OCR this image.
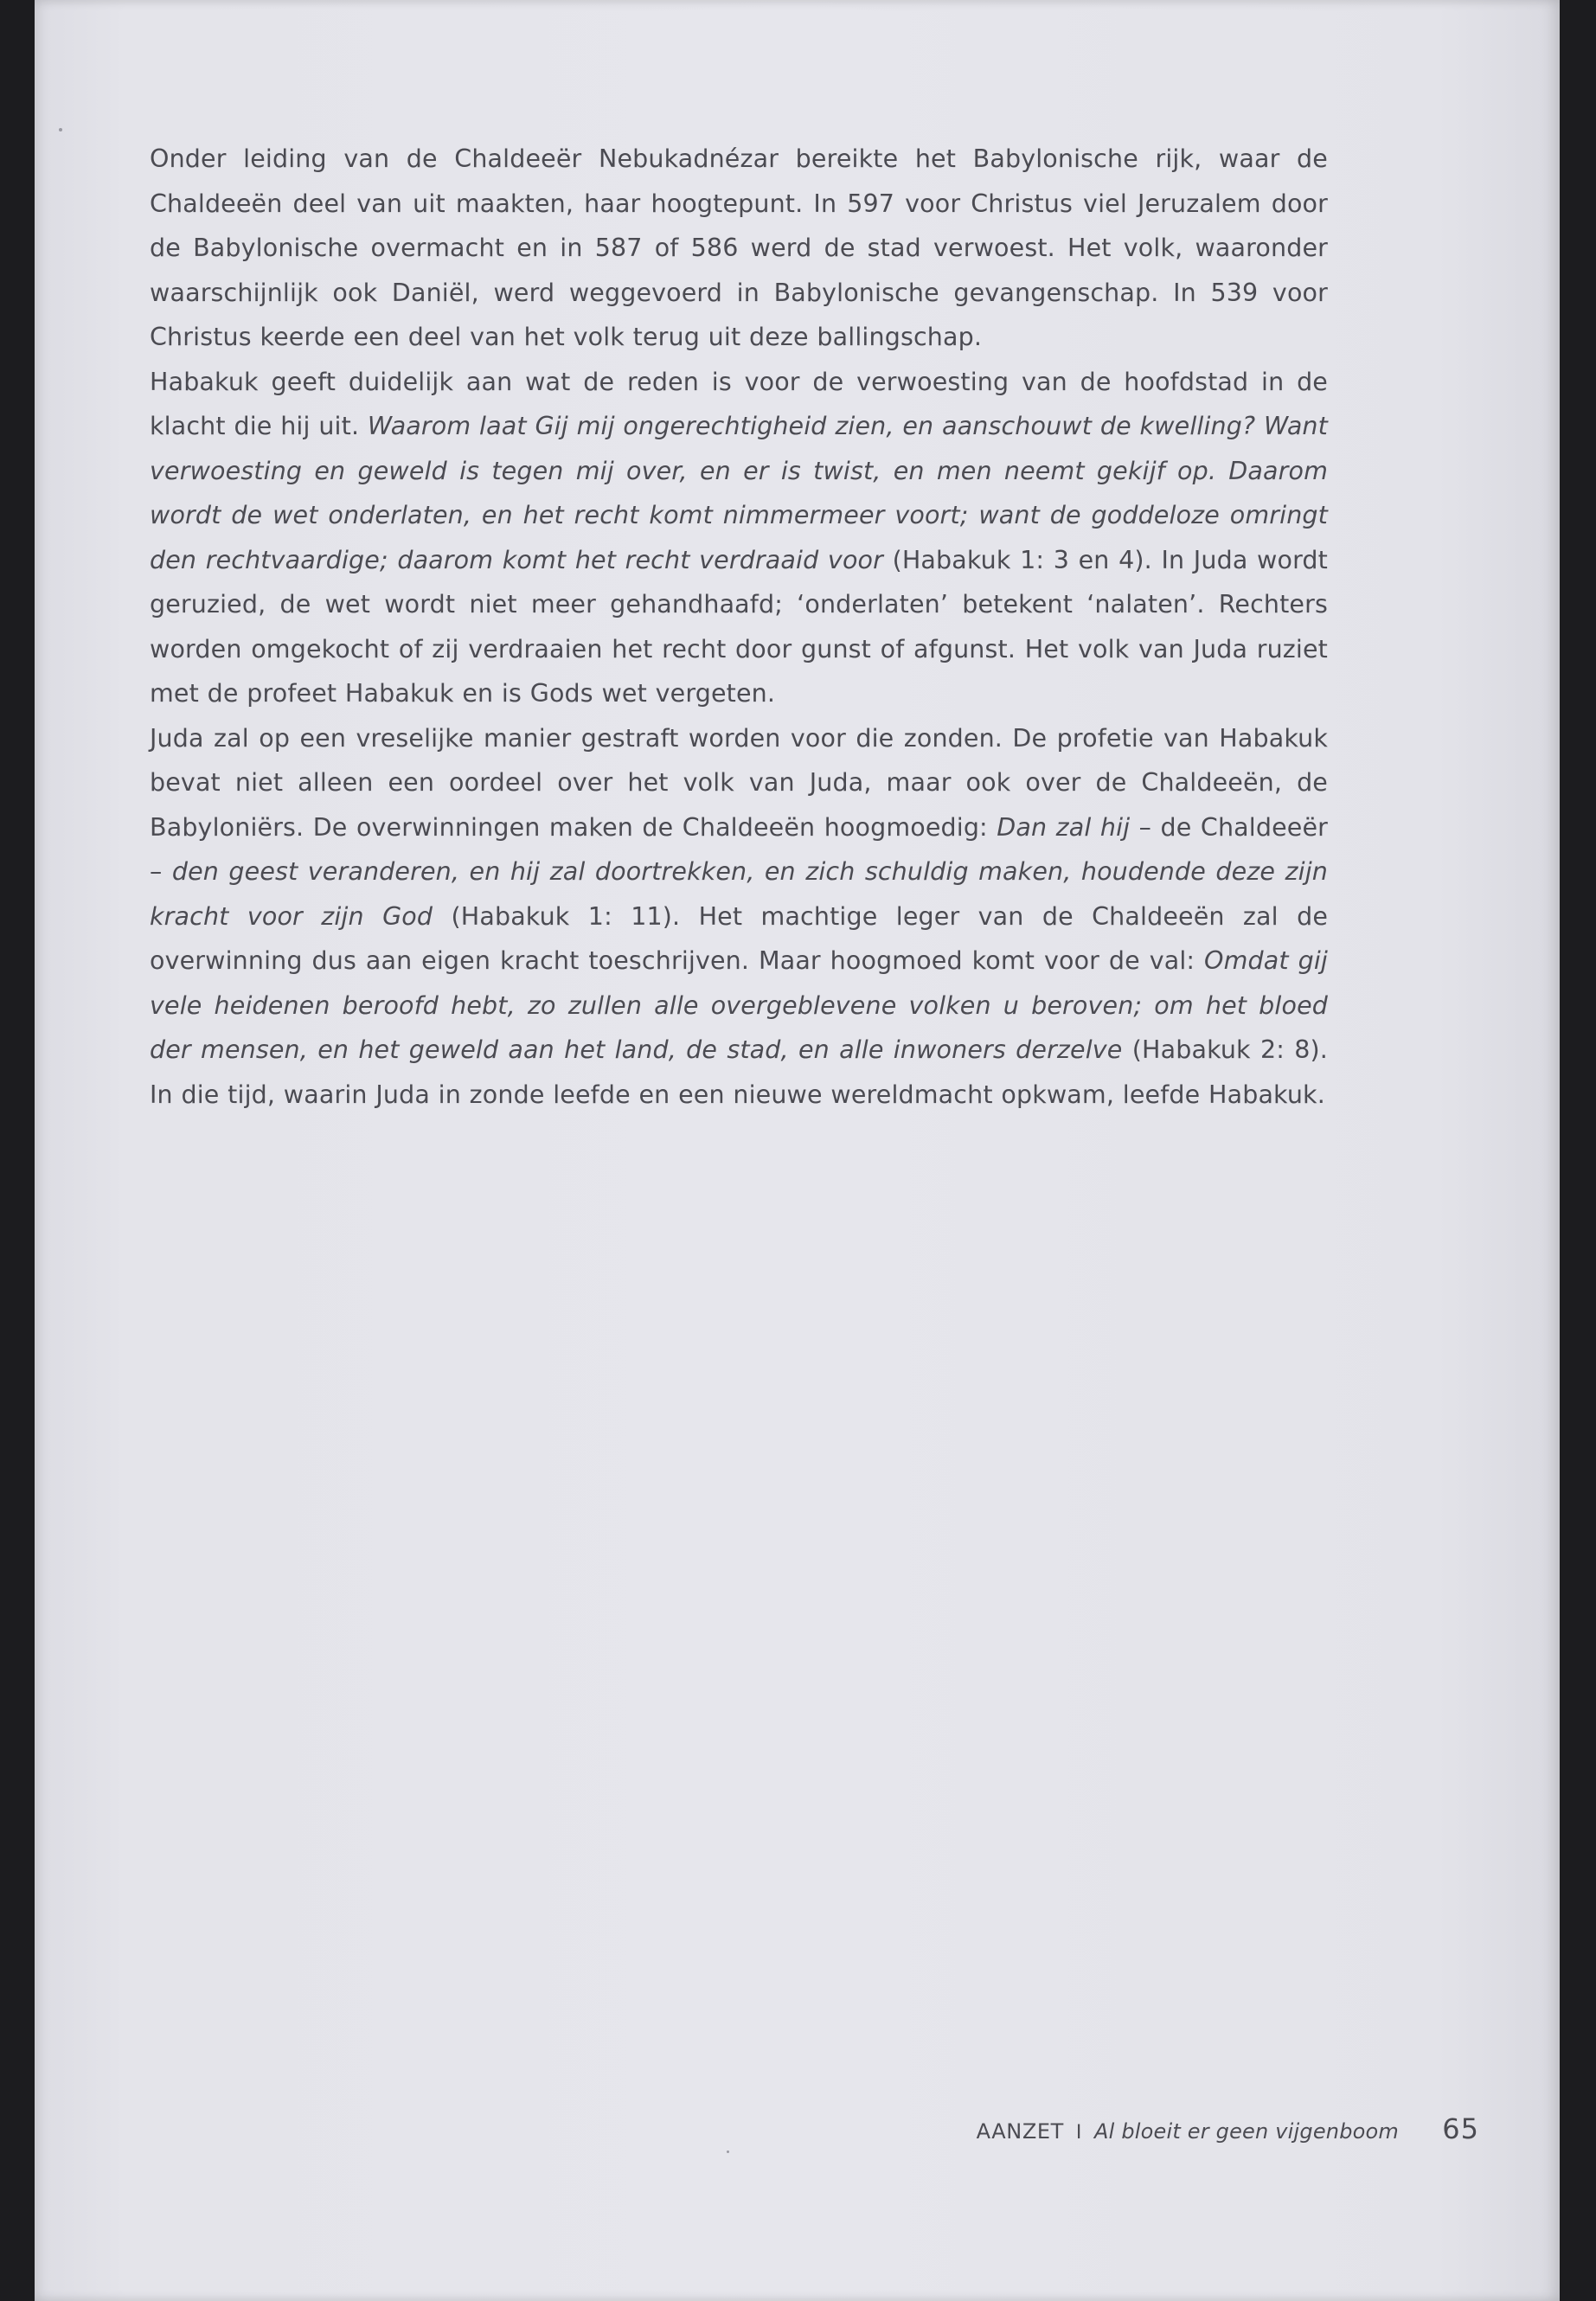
Onder leiding van de Chaldeeër Nebukadnézar bereikte het Babylonische rijk, waar de Chaldeeën deel van uit maakten, haar hoogtepunt. In 597 voor Christus viel Jeruzalem door de Babylonische overmacht en in 587 of 586 werd de stad verwoest. Het volk, waaronder waarschijnlijk ook Daniël, werd weggevoerd in Babylonische gevangenschap. In 539 voor Christus keerde een deel van het volk terug uit deze ballingschap.

Habakuk geeft duidelijk aan wat de reden is voor de verwoesting van de hoofdstad in de klacht die hij uit. Waarom laat Gij mij ongerechtigheid zien, en aanschouwt de kwelling? Want verwoesting en geweld is tegen mij over, en er is twist, en men neemt gekijf op. Daarom wordt de wet onderlaten, en het recht komt nimmermeer voort; want de goddeloze omringt den rechtvaardige; daarom komt het recht verdraaid voor (Habakuk 1: 3 en 4). In Juda wordt geruzied, de wet wordt niet meer gehandhaafd; ‘onderlaten’ betekent ‘nalaten’. Rechters worden omgekocht of zij verdraaien het recht door gunst of afgunst. Het volk van Juda ruziet met de profeet Habakuk en is Gods wet vergeten.

Juda zal op een vreselijke manier gestraft worden voor die zonden. De profetie van Habakuk bevat niet alleen een oordeel over het volk van Juda, maar ook over de Chaldeeën, de Babyloniërs. De overwinningen maken de Chaldeeën hoogmoedig: Dan zal hij – de Chaldeeër – den geest veranderen, en hij zal doortrekken, en zich schuldig maken, houdende deze zijn kracht voor zijn God (Habakuk 1: 11). Het machtige leger van de Chaldeeën zal de overwinning dus aan eigen kracht toeschrijven. Maar hoogmoed komt voor de val: Omdat gij vele heidenen beroofd hebt, zo zullen alle overgeblevene volken u beroven; om het bloed der mensen, en het geweld aan het land, de stad, en alle inwoners derzelve (Habakuk 2: 8). In die tijd, waarin Juda in zonde leefde en een nieuwe wereldmacht opkwam, leefde Habakuk.

AANZET I Al bloeit er geen vijgenboom 65
